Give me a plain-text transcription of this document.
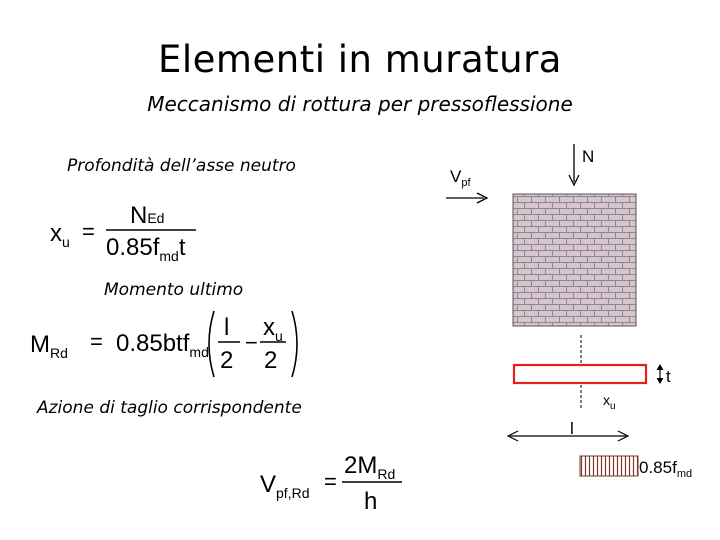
Elementi in muratura
Meccanismo di rottura per pressoflessione
Profondità dell’asse neutro
Momento ultimo
Azione di taglio corrispondente
$x_u$ =
NEd
$0.85f_{md}t$
$M_{Rd} = 0.85btf_{md}$
l
2
−
$x_u$
2
$V_{pf,Rd}$ =
$2M_{Rd}$
h
N
$V_{pf}$
t
$x_u$
l
$0.85f_{md}$
